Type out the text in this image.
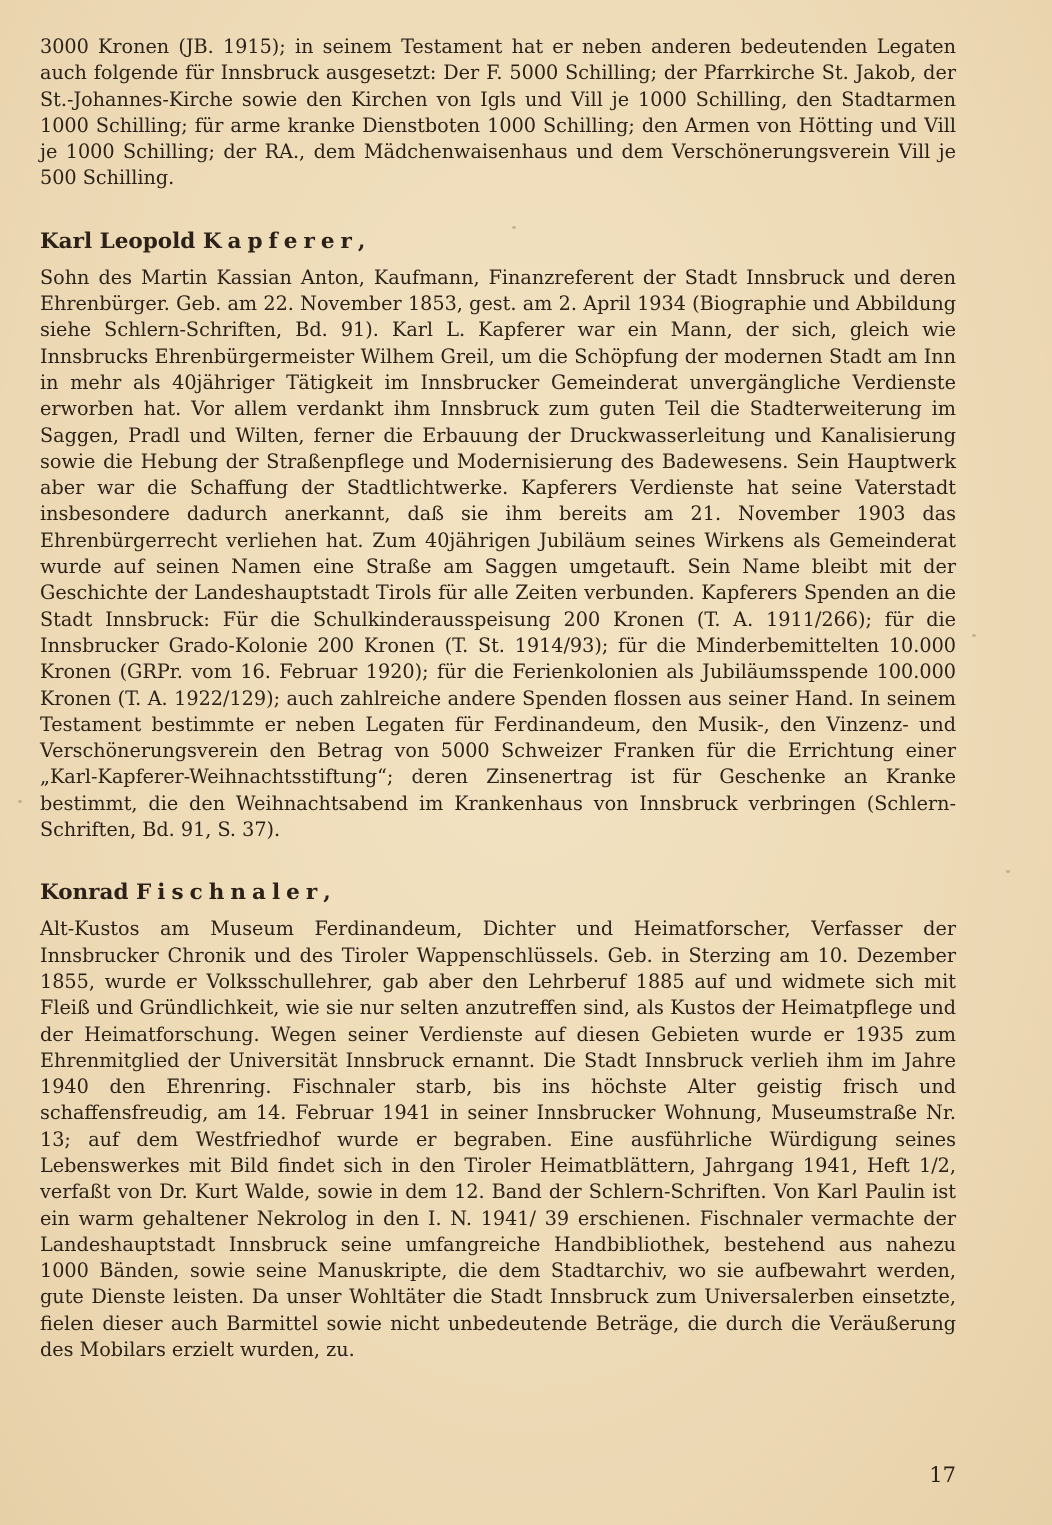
3000 Kronen (JB. 1915); in seinem Testament hat er neben anderen bedeutenden Legaten auch folgende für Innsbruck ausgesetzt: Der F. 5000 Schilling; der Pfarrkirche St. Jakob, der St.-Johannes-Kirche sowie den Kirchen von Igls und Vill je 1000 Schilling, den Stadtarmen 1000 Schilling; für arme kranke Dienstboten 1000 Schilling; den Armen von Hötting und Vill je 1000 Schilling; der RA., dem Mädchenwaisenhaus und dem Verschönerungsverein Vill je 500 Schilling.

Karl Leopold Kapferer,

Sohn des Martin Kassian Anton, Kaufmann, Finanzreferent der Stadt Innsbruck und deren Ehrenbürger. Geb. am 22. November 1853, gest. am 2. April 1934 (Biographie und Abbildung siehe Schlern-Schriften, Bd. 91). Karl L. Kapferer war ein Mann, der sich, gleich wie Innsbrucks Ehrenbürgermeister Wilhem Greil, um die Schöpfung der modernen Stadt am Inn in mehr als 40jähriger Tätigkeit im Innsbrucker Gemeinderat unvergängliche Verdienste erworben hat. Vor allem verdankt ihm Innsbruck zum guten Teil die Stadterweiterung im Saggen, Pradl und Wilten, ferner die Erbauung der Druckwasserleitung und Kanalisierung sowie die Hebung der Straßenpflege und Modernisierung des Badewesens. Sein Hauptwerk aber war die Schaffung der Stadtlichtwerke. Kapferers Verdienste hat seine Vaterstadt insbesondere dadurch anerkannt, daß sie ihm bereits am 21. November 1903 das Ehrenbürgerrecht verliehen hat. Zum 40jährigen Jubiläum seines Wirkens als Gemeinderat wurde auf seinen Namen eine Straße am Saggen umgetauft. Sein Name bleibt mit der Geschichte der Landeshauptstadt Tirols für alle Zeiten verbunden. Kapferers Spenden an die Stadt Innsbruck: Für die Schulkinderausspeisung 200 Kronen (T. A. 1911/266); für die Innsbrucker Grado-Kolonie 200 Kronen (T. St. 1914/93); für die Minderbemittelten 10.000 Kronen (GRPr. vom 16. Februar 1920); für die Ferienkolonien als Jubiläumsspende 100.000 Kronen (T. A. 1922/129); auch zahlreiche andere Spenden flossen aus seiner Hand. In seinem Testament bestimmte er neben Legaten für Ferdinandeum, den Musik-, den Vinzenz- und Verschönerungsverein den Betrag von 5000 Schweizer Franken für die Errichtung einer „Karl-Kapferer-Weihnachtsstiftung“; deren Zinsenertrag ist für Geschenke an Kranke bestimmt, die den Weihnachtsabend im Krankenhaus von Innsbruck verbringen (Schlern-Schriften, Bd. 91, S. 37).

Konrad Fischnaler,

Alt-Kustos am Museum Ferdinandeum, Dichter und Heimatforscher, Verfasser der Innsbrucker Chronik und des Tiroler Wappenschlüssels. Geb. in Sterzing am 10. Dezember 1855, wurde er Volksschullehrer, gab aber den Lehrberuf 1885 auf und widmete sich mit Fleiß und Gründlichkeit, wie sie nur selten anzutreffen sind, als Kustos der Heimatpflege und der Heimatforschung. Wegen seiner Verdienste auf diesen Gebieten wurde er 1935 zum Ehrenmitglied der Universität Innsbruck ernannt. Die Stadt Innsbruck verlieh ihm im Jahre 1940 den Ehrenring. Fischnaler starb, bis ins höchste Alter geistig frisch und schaffensfreudig, am 14. Februar 1941 in seiner Innsbrucker Wohnung, Museumstraße Nr. 13; auf dem Westfriedhof wurde er begraben. Eine ausführliche Würdigung seines Lebenswerkes mit Bild findet sich in den Tiroler Heimatblättern, Jahrgang 1941, Heft 1/2, verfaßt von Dr. Kurt Walde, sowie in dem 12. Band der Schlern-Schriften. Von Karl Paulin ist ein warm gehaltener Nekrolog in den I. N. 1941/ 39 erschienen. Fischnaler vermachte der Landeshauptstadt Innsbruck seine umfangreiche Handbibliothek, bestehend aus nahezu 1000 Bänden, sowie seine Manuskripte, die dem Stadtarchiv, wo sie aufbewahrt werden, gute Dienste leisten. Da unser Wohltäter die Stadt Innsbruck zum Universalerben einsetzte, fielen dieser auch Barmittel sowie nicht unbedeutende Beträge, die durch die Veräußerung des Mobilars erzielt wurden, zu.

17
